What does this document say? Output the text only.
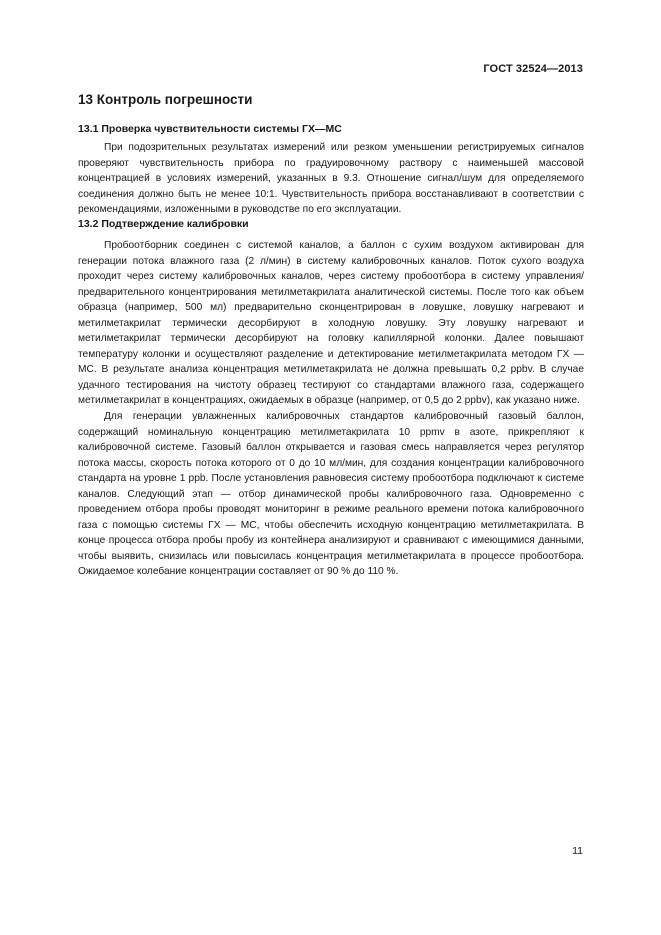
ГОСТ 32524—2013
13 Контроль погрешности
13.1 Проверка чувствительности системы ГХ—МС

При подозрительных результатах измерений или резком уменьшении регистрируемых сигналов проверяют чувствительность прибора по градуировочному раствору с наименьшей массовой концентрацией в условиях измерений, указанных в 9.3. Отношение сигнал/шум для определяемого соединения должно быть не менее 10:1. Чувствительность прибора восстанавливают в соответствии с рекомендациями, изложенными в руководстве по его эксплуатации.

13.2 Подтверждение калибровки

Пробоотборник соединен с системой каналов, а баллон с сухим воздухом активирован для генерации потока влажного газа (2 л/мин) в систему калибровочных каналов. Поток сухого воздуха проходит через систему калибровочных каналов, через систему пробоотбора в систему управления/предварительного концентрирования метилметакрилата аналитической системы. После того как объем образца (например, 500 мл) предварительно сконцентрирован в ловушке, ловушку нагревают и метилметакрилат термически десорбируют в холодную ловушку. Эту ловушку нагревают и метилметакрилат термически десорбируют на головку капиллярной колонки. Далее повышают температуру колонки и осуществляют разделение и детектирование метилметакрилата методом ГХ — МС. В результате анализа концентрация метилметакрилата не должна превышать 0,2 ppbv. В случае удачного тестирования на чистоту образец тестируют со стандартами влажного газа, содержащего метилметакрилат в концентрациях, ожидаемых в образце (например, от 0,5 до 2 ppbv), как указано ниже.

Для генерации увлажненных калибровочных стандартов калибровочный газовый баллон, содержащий номинальную концентрацию метилметакрилата 10 ppmv в азоте, прикрепляют к калибровочной системе. Газовый баллон открывается и газовая смесь направляется через регулятор потока массы, скорость потока которого от 0 до 10 мл/мин, для создания концентрации калибровочного стандарта на уровне 1 ppb. После установления равновесия систему пробоотбора подключают к системе каналов. Следующий этап — отбор динамической пробы калибровочного газа. Одновременно с проведением отбора пробы проводят мониторинг в режиме реального времени потока калибровочного газа с помощью системы ГХ — МС, чтобы обеспечить исходную концентрацию метилметакрилата. В конце процесса отбора пробы пробу из контейнера анализируют и сравнивают с имеющимися данными, чтобы выявить, снизилась или повысилась концентрация метилметакрилата в процессе пробоотбора. Ожидаемое колебание концентрации составляет от 90 % до 110 %.

11
